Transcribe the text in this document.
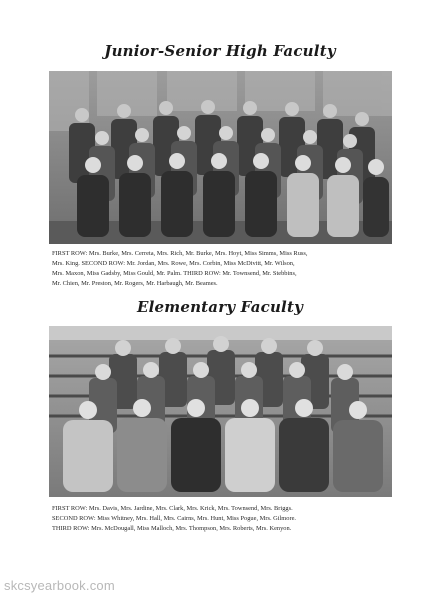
Junior-Senior High Faculty
FIRST ROW: Mrs. Burke, Mrs. Cerreta, Mrs. Rich, Mr. Burke, Mrs. Hoyt, Miss Simms, Miss Russ,
Mrs. King. SECOND ROW: Mr. Jordan, Mrs. Rowe, Mrs. Corbin, Miss McDivitt, Mr. Wilson,
Mrs. Maxon, Miss Gadsby, Miss Gould, Mr. Palm. THIRD ROW: Mr. Townsend, Mr. Stebbins,
Mr. Chien, Mr. Preston, Mr. Rogers, Mr. Harbaugh, Mr. Beames.
Elementary Faculty
FIRST ROW: Mrs. Davis, Mrs. Jardine, Mrs. Clark, Mrs. Krick, Mrs. Townsend, Mrs. Briggs.
SECOND ROW: Miss Whitney, Mrs. Hall, Mrs. Cairns, Mrs. Hunt, Miss Pogue, Mrs. Gilmore.
THIRD ROW: Mrs. McDougall, Miss Malloch, Mrs. Thompson, Mrs. Roberts, Mrs. Kenyon.
skcsyearbook.com
